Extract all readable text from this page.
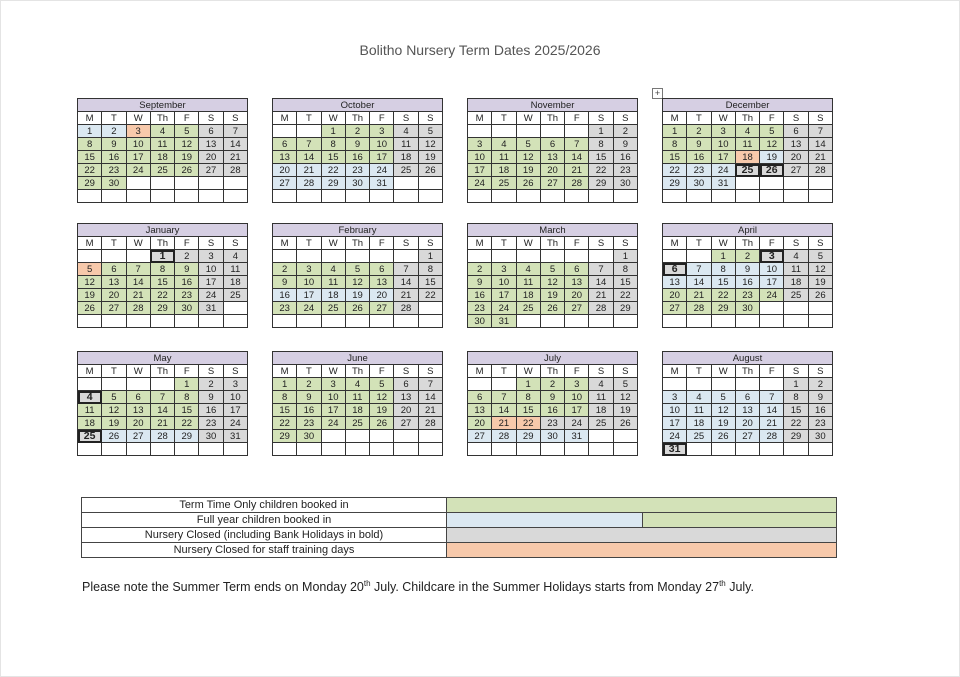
Bolitho Nursery Term Dates 2025/2026
+
September						
M	T	W	Th	F	S	S
1	2	3	4	5	6	7
8	9	10	11	12	13	14
15	16	17	18	19	20	21
22	23	24	25	26	27	28
29	30					

October						
M	T	W	Th	F	S	S
		1	2	3	4	5
6	7	8	9	10	11	12
13	14	15	16	17	18	19
20	21	22	23	24	25	26
27	28	29	30	31		

November						
M	T	W	Th	F	S	S
					1	2
3	4	5	6	7	8	9
10	11	12	13	14	15	16
17	18	19	20	21	22	23
24	25	26	27	28	29	30

December						
M	T	W	Th	F	S	S
1	2	3	4	5	6	7
8	9	10	11	12	13	14
15	16	17	18	19	20	21
22	23	24	25	26	27	28
29	30	31				

January						
M	T	W	Th	F	S	S
			1	2	3	4
5	6	7	8	9	10	11
12	13	14	15	16	17	18
19	20	21	22	23	24	25
26	27	28	29	30	31	

February						
M	T	W	Th	F	S	S
						1
2	3	4	5	6	7	8
9	10	11	12	13	14	15
16	17	18	19	20	21	22
23	24	25	26	27	28	

March						
M	T	W	Th	F	S	S
						1
2	3	4	5	6	7	8
9	10	11	12	13	14	15
16	17	18	19	20	21	22
23	24	25	26	27	28	29
30	31					
April						
M	T	W	Th	F	S	S
		1	2	3	4	5
6	7	8	9	10	11	12
13	14	15	16	17	18	19
20	21	22	23	24	25	26
27	28	29	30			

May						
M	T	W	Th	F	S	S
				1	2	3
4	5	6	7	8	9	10
11	12	13	14	15	16	17
18	19	20	21	22	23	24
25	26	27	28	29	30	31

June						
M	T	W	Th	F	S	S
1	2	3	4	5	6	7
8	9	10	11	12	13	14
15	16	17	18	19	20	21
22	23	24	25	26	27	28
29	30					

July						
M	T	W	Th	F	S	S
		1	2	3	4	5
6	7	8	9	10	11	12
13	14	15	16	17	18	19
20	21	22	23	24	25	26
27	28	29	30	31		

August						
M	T	W	Th	F	S	S
					1	2
3	4	5	6	7	8	9
10	11	12	13	14	15	16
17	18	19	20	21	22	23
24	25	26	27	28	29	30
31						
Term Time Only children booked in	
Full year children booked in	

Nursery Closed (including Bank Holidays in bold)	
Nursery Closed for staff training days	
Please note the Summer Term ends on Monday 20th July. Childcare in the Summer Holidays starts from Monday 27th July.
